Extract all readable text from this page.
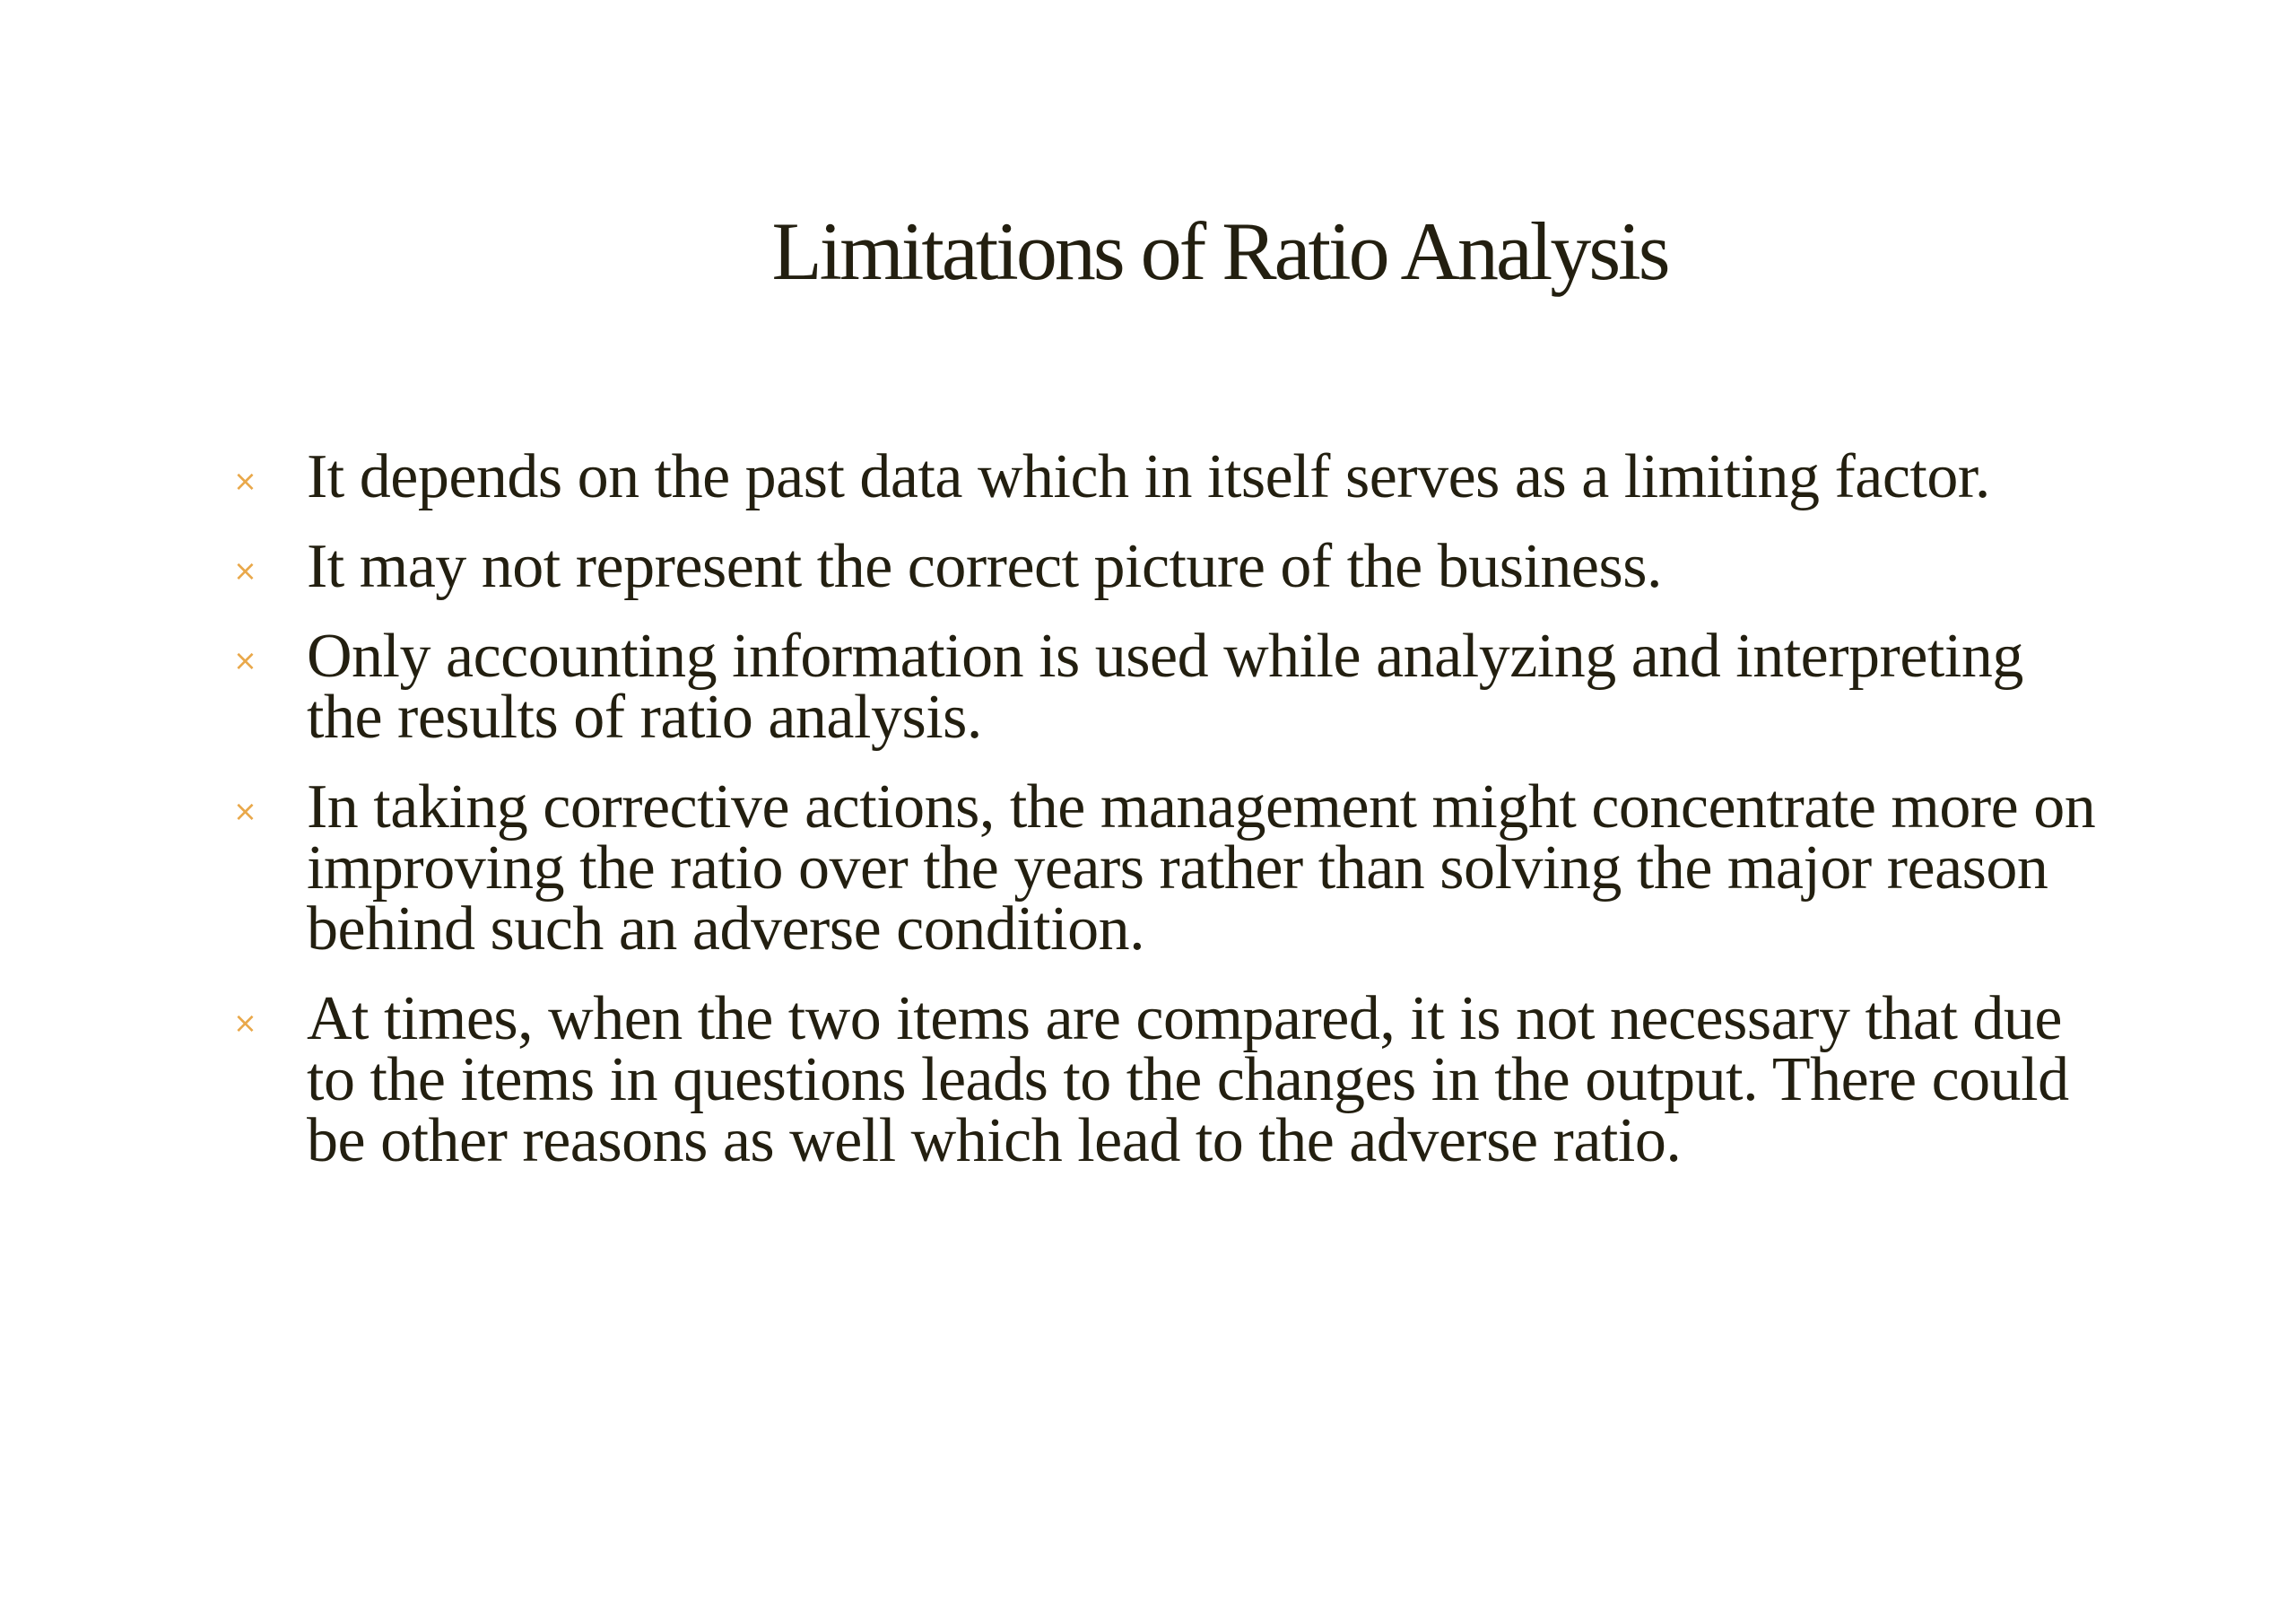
Limitations of Ratio Analysis
× It depends on the past data which in itself serves as a limiting factor.
× It may not represent the correct picture of the business.
× Only accounting information is used while analyzing and interpreting the results of ratio analysis.
× In taking corrective actions, the management might concentrate more on improving the ratio over the years rather than solving the major reason behind such an adverse condition.
× At times, when the two items are compared, it is not necessary that due to the items in questions leads to the changes in the output. There could be other reasons as well which lead to the adverse ratio.
